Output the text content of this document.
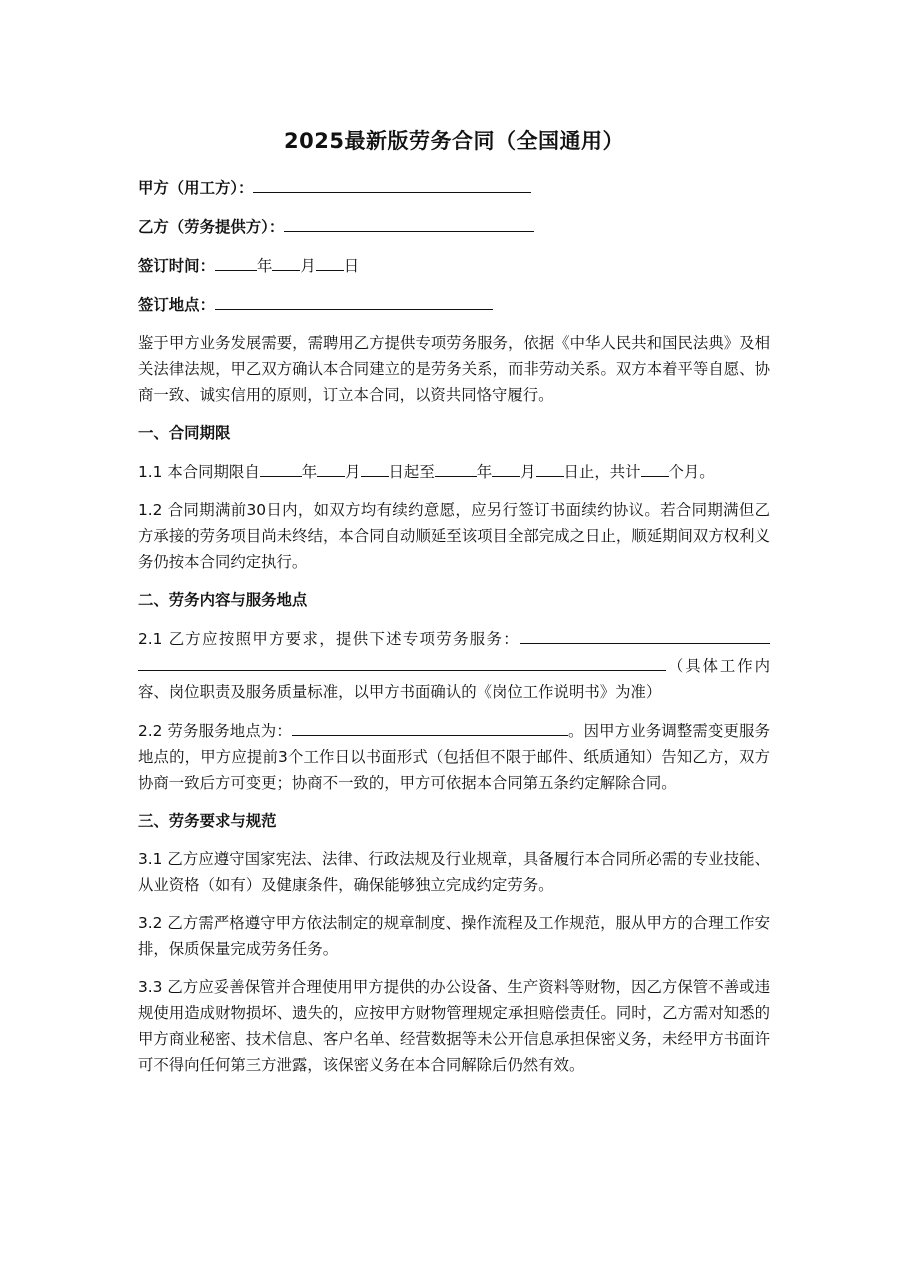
2025最新版劳务合同（全国通用）
甲方（用工方）：
乙方（劳务提供方）：
签订时间：	年 月 日
签订地点：

鉴于甲方业务发展需要，需聘用乙方提供专项劳务服务，依据《中华人民共和国民法典》及相关法律法规，甲乙双方确认本合同建立的是劳务关系，而非劳动关系。双方本着平等自愿、协商一致、诚实信用的原则，订立本合同，以资共同恪守履行。

一、合同期限

1.1 本合同期限自	年 月 日起至	年 月 日止，共计 个月。

1.2 合同期满前30日内，如双方均有续约意愿，应另行签订书面续约协议。若合同期满但乙方承接的劳务项目尚未终结，本合同自动顺延至该项目全部完成之日止，顺延期间双方权利义务仍按本合同约定执行。

二、劳务内容与服务地点

2.1 乙方应按照甲方要求，提供下述专项劳务服务：（具体工作内容、岗位职责及服务质量标准，以甲方书面确认的《岗位工作说明书》为准）

2.2 劳务服务地点为：	。因甲方业务调整需变更服务地点的，甲方应提前3个工作日以书面形式（包括但不限于邮件、纸质通知）告知乙方，双方协商一致后方可变更；协商不一致的，甲方可依据本合同第五条约定解除合同。

三、劳务要求与规范

3.1 乙方应遵守国家宪法、法律、行政法规及行业规章，具备履行本合同所必需的专业技能、从业资格（如有）及健康条件，确保能够独立完成约定劳务。

3.2 乙方需严格遵守甲方依法制定的规章制度、操作流程及工作规范，服从甲方的合理工作安排，保质保量完成劳务任务。

3.3 乙方应妥善保管并合理使用甲方提供的办公设备、生产资料等财物，因乙方保管不善或违规使用造成财物损坏、遗失的，应按甲方财物管理规定承担赔偿责任。同时，乙方需对知悉的甲方商业秘密、技术信息、客户名单、经营数据等未公开信息承担保密义务，未经甲方书面许可不得向任何第三方泄露，该保密义务在本合同解除后仍然有效。
